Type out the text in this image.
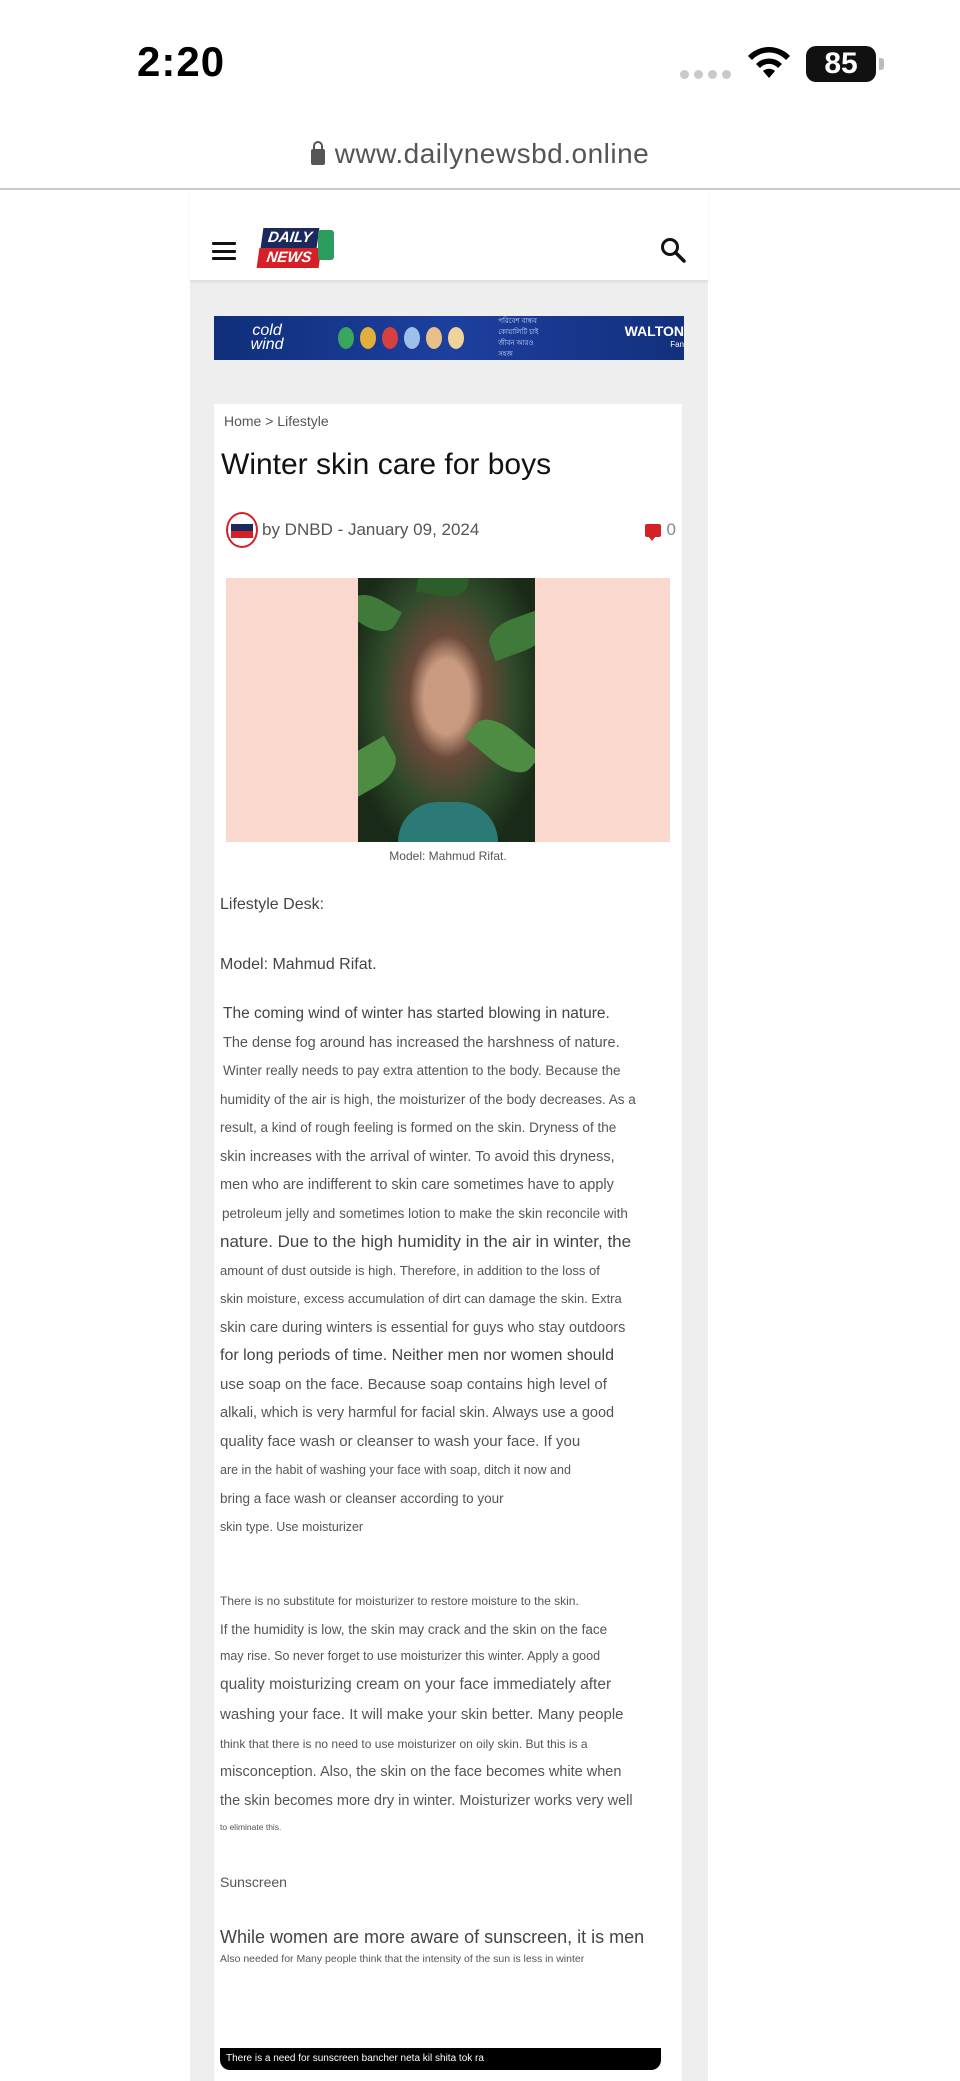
2:20	85
www.dailynewsbd.online
DAILY
NEWS
cold wind
পরিবেশ বান্ধব
কোয়ালিটি চাই
জীবন আরও সহজ
WALTON
Fan
Home > Lifestyle
Winter skin care for boys
by DNBD - January 09, 2024	0
Model: Mahmud Rifat.
Lifestyle Desk:
Model: Mahmud Rifat.
The coming wind of winter has started blowing in nature.
The dense fog around has increased the harshness of nature.
Winter really needs to pay extra attention to the body. Because the
humidity of the air is high, the moisturizer of the body decreases. As a
result, a kind of rough feeling is formed on the skin. Dryness of the
skin increases with the arrival of winter. To avoid this dryness,
men who are indifferent to skin care sometimes have to apply
petroleum jelly and sometimes lotion to make the skin reconcile with
nature. Due to the high humidity in the air in winter, the
amount of dust outside is high. Therefore, in addition to the loss of
skin moisture, excess accumulation of dirt can damage the skin. Extra
skin care during winters is essential for guys who stay outdoors
for long periods of time. Neither men nor women should
use soap on the face. Because soap contains high level of
alkali, which is very harmful for facial skin. Always use a good
quality face wash or cleanser to wash your face. If you
are in the habit of washing your face with soap, ditch it now and
bring a face wash or cleanser according to your
skin type. Use moisturizer
There is no substitute for moisturizer to restore moisture to the skin.
If the humidity is low, the skin may crack and the skin on the face
may rise. So never forget to use moisturizer this winter. Apply a good
quality moisturizing cream on your face immediately after
washing your face. It will make your skin better. Many people
think that there is no need to use moisturizer on oily skin. But this is a
misconception. Also, the skin on the face becomes white when
the skin becomes more dry in winter. Moisturizer works very well
to eliminate this.
Sunscreen
While women are more aware of sunscreen, it is men
Also needed for Many people think that the intensity of the sun is less in winter
There is a need for sunscreen bancher neta kil shita tok ra
